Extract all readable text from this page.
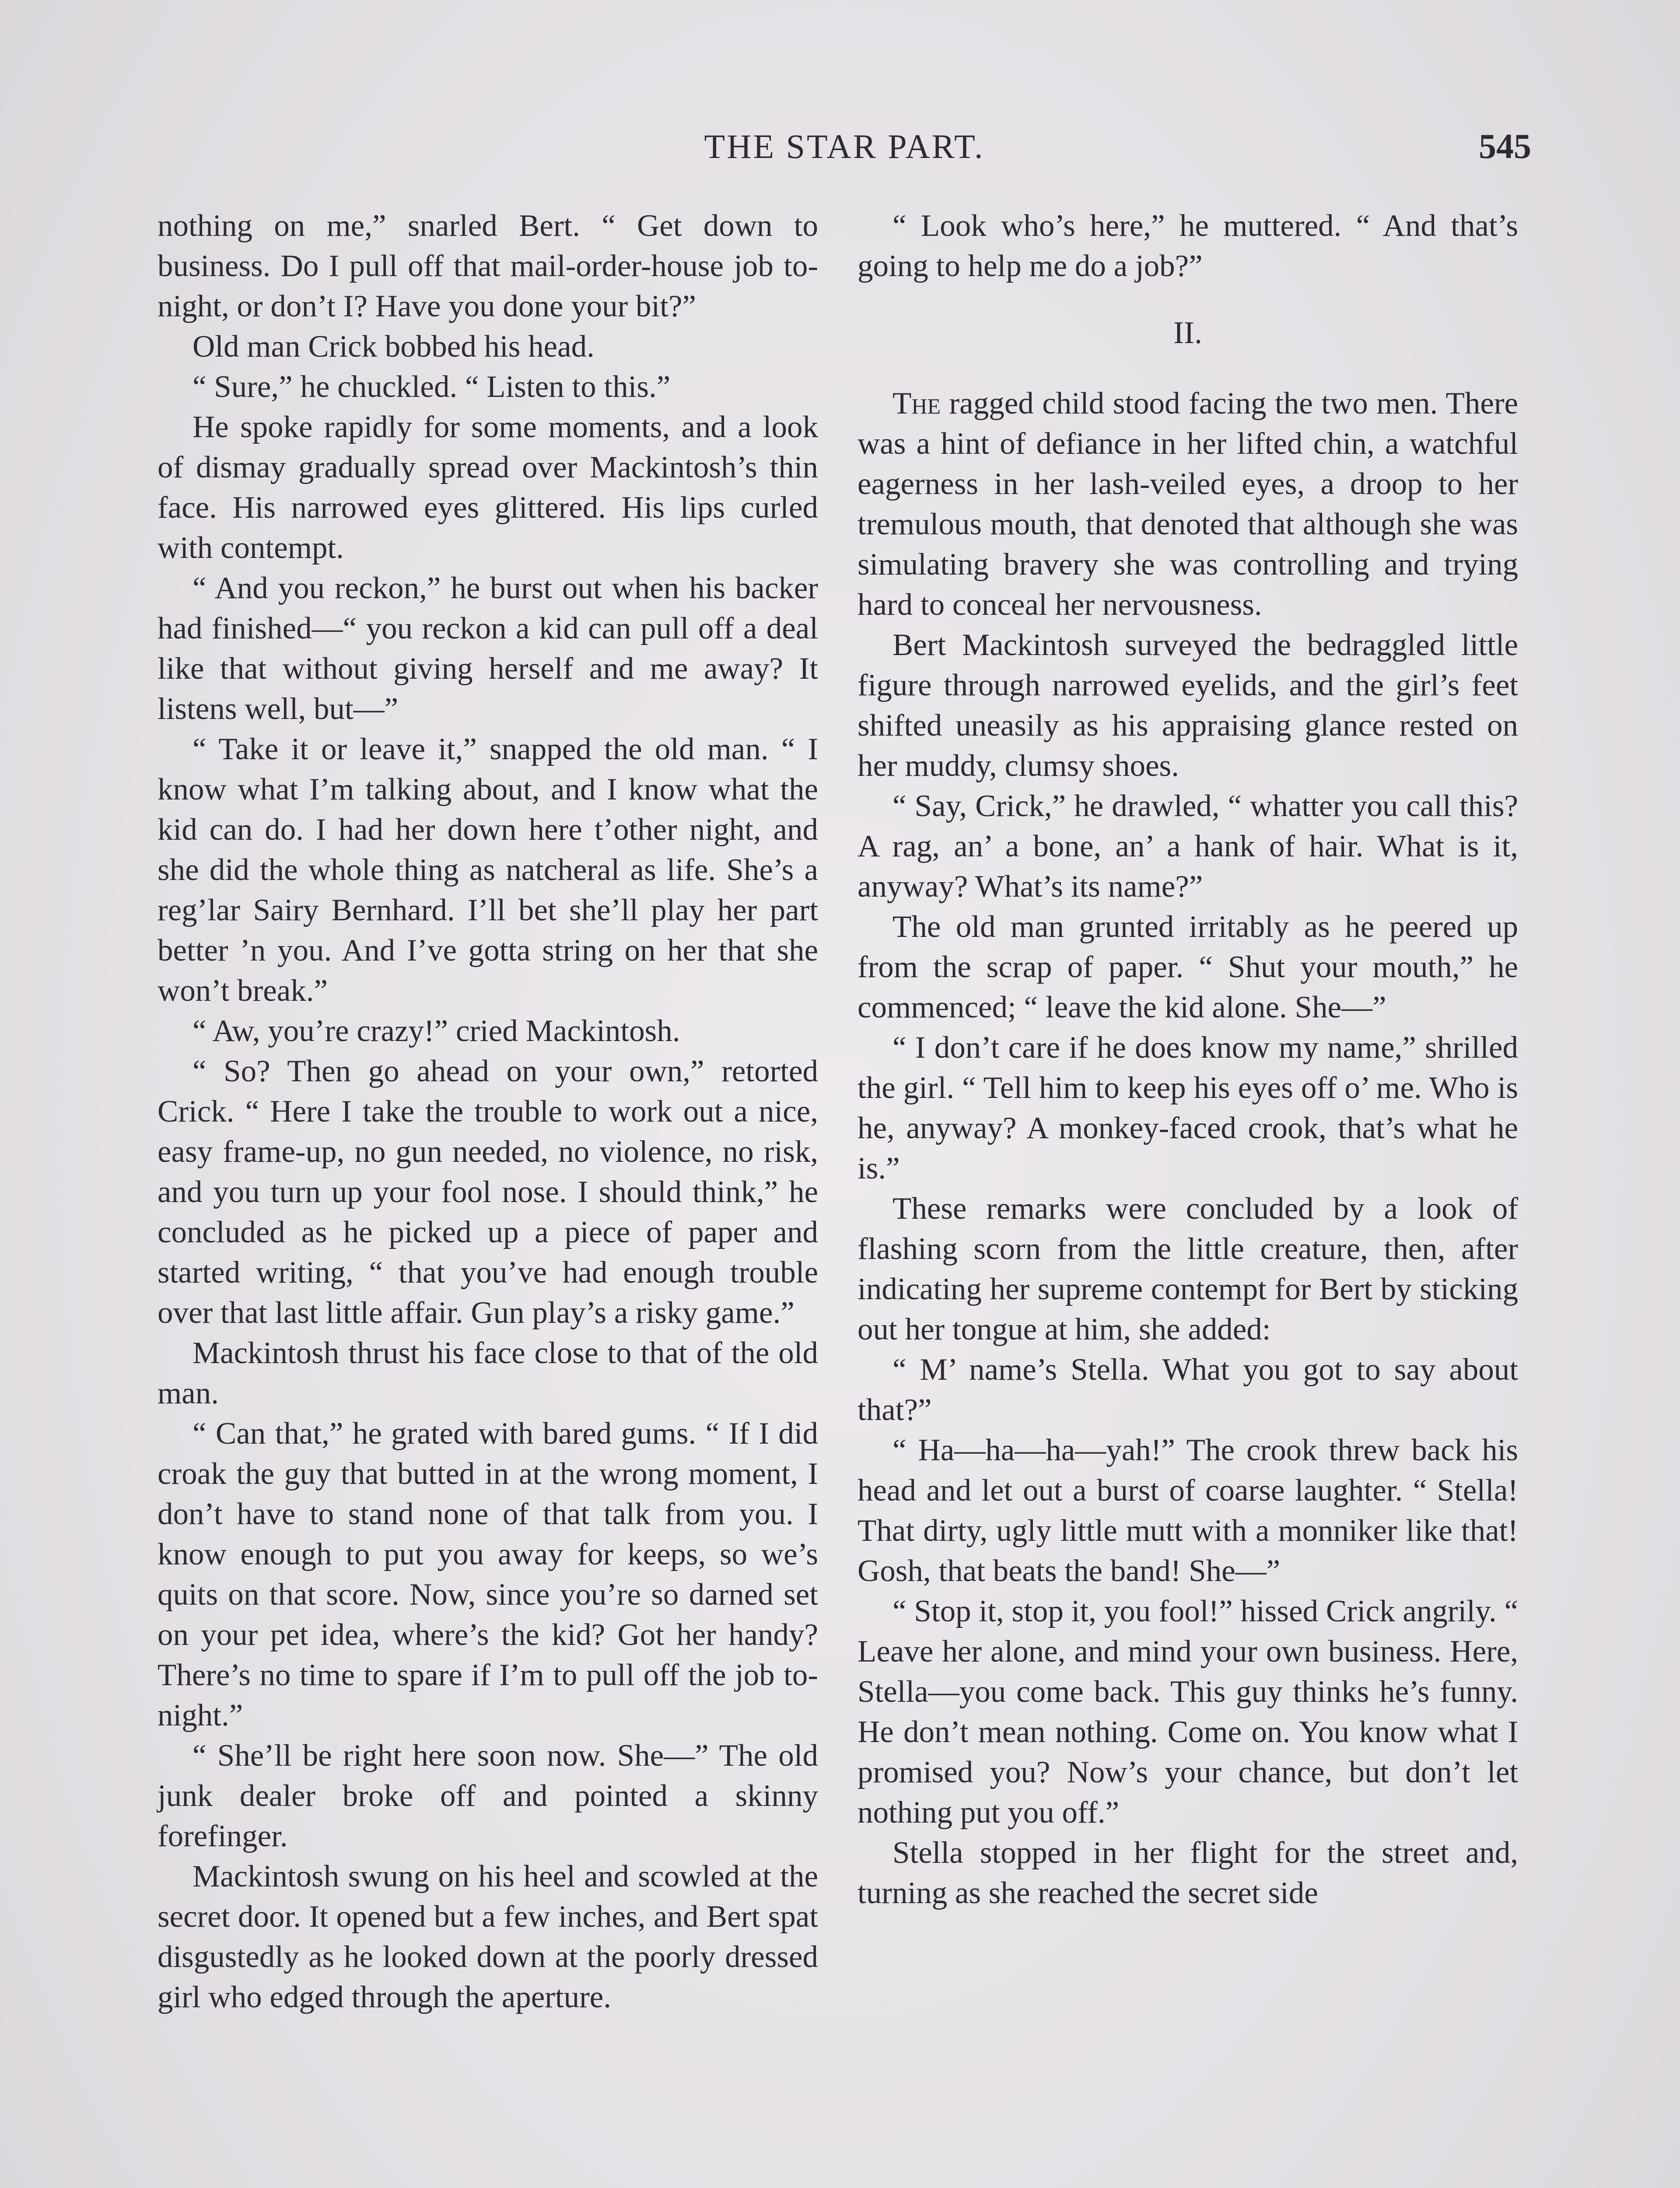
THE STAR PART.	545

nothing on me,” snarled Bert. “ Get down to business. Do I pull off that mail-order-house job to-night, or don’t I? Have you done your bit?”

Old man Crick bobbed his head.

“ Sure,” he chuckled. “ Listen to this.”

He spoke rapidly for some moments, and a look of dismay gradually spread over Mackintosh’s thin face. His narrowed eyes glittered. His lips curled with contempt.

“ And you reckon,” he burst out when his backer had finished—“ you reckon a kid can pull off a deal like that without giving herself and me away? It listens well, but—”

“ Take it or leave it,” snapped the old man. “ I know what I’m talking about, and I know what the kid can do. I had her down here t’other night, and she did the whole thing as natcheral as life. She’s a reg’lar Sairy Bernhard. I’ll bet she’ll play her part better ’n you. And I’ve gotta string on her that she won’t break.”

“ Aw, you’re crazy!” cried Mackintosh.

“ So? Then go ahead on your own,” retorted Crick. “ Here I take the trouble to work out a nice, easy frame-up, no gun needed, no violence, no risk, and you turn up your fool nose. I should think,” he concluded as he picked up a piece of paper and started writing, “ that you’ve had enough trouble over that last little affair. Gun play’s a risky game.”

Mackintosh thrust his face close to that of the old man.

“ Can that,” he grated with bared gums. “ If I did croak the guy that butted in at the wrong moment, I don’t have to stand none of that talk from you. I know enough to put you away for keeps, so we’s quits on that score. Now, since you’re so darned set on your pet idea, where’s the kid? Got her handy? There’s no time to spare if I’m to pull off the job to-night.”

“ She’ll be right here soon now. She—” The old junk dealer broke off and pointed a skinny forefinger.

Mackintosh swung on his heel and scowled at the secret door. It opened but a few inches, and Bert spat disgustedly as he looked down at the poorly dressed girl who edged through the aperture.

“ Look who’s here,” he muttered. “ And that’s going to help me do a job?”

II.

The ragged child stood facing the two men. There was a hint of defiance in her lifted chin, a watchful eagerness in her lash-veiled eyes, a droop to her tremulous mouth, that denoted that although she was simulating bravery she was controlling and trying hard to conceal her nervousness.

Bert Mackintosh surveyed the bedraggled little figure through narrowed eyelids, and the girl’s feet shifted uneasily as his appraising glance rested on her muddy, clumsy shoes.

“ Say, Crick,” he drawled, “ whatter you call this? A rag, an’ a bone, an’ a hank of hair. What is it, anyway? What’s its name?”

The old man grunted irritably as he peered up from the scrap of paper. “ Shut your mouth,” he commenced; “ leave the kid alone. She—”

“ I don’t care if he does know my name,” shrilled the girl. “ Tell him to keep his eyes off o’ me. Who is he, anyway? A monkey-faced crook, that’s what he is.”

These remarks were concluded by a look of flashing scorn from the little creature, then, after indicating her supreme contempt for Bert by sticking out her tongue at him, she added:

“ M’ name’s Stella. What you got to say about that?”

“ Ha—ha—ha—yah!” The crook threw back his head and let out a burst of coarse laughter. “ Stella! That dirty, ugly little mutt with a monniker like that! Gosh, that beats the band! She—”

“ Stop it, stop it, you fool!” hissed Crick angrily. “ Leave her alone, and mind your own business. Here, Stella—you come back. This guy thinks he’s funny. He don’t mean nothing. Come on. You know what I promised you? Now’s your chance, but don’t let nothing put you off.”

Stella stopped in her flight for the street and, turning as she reached the secret side
